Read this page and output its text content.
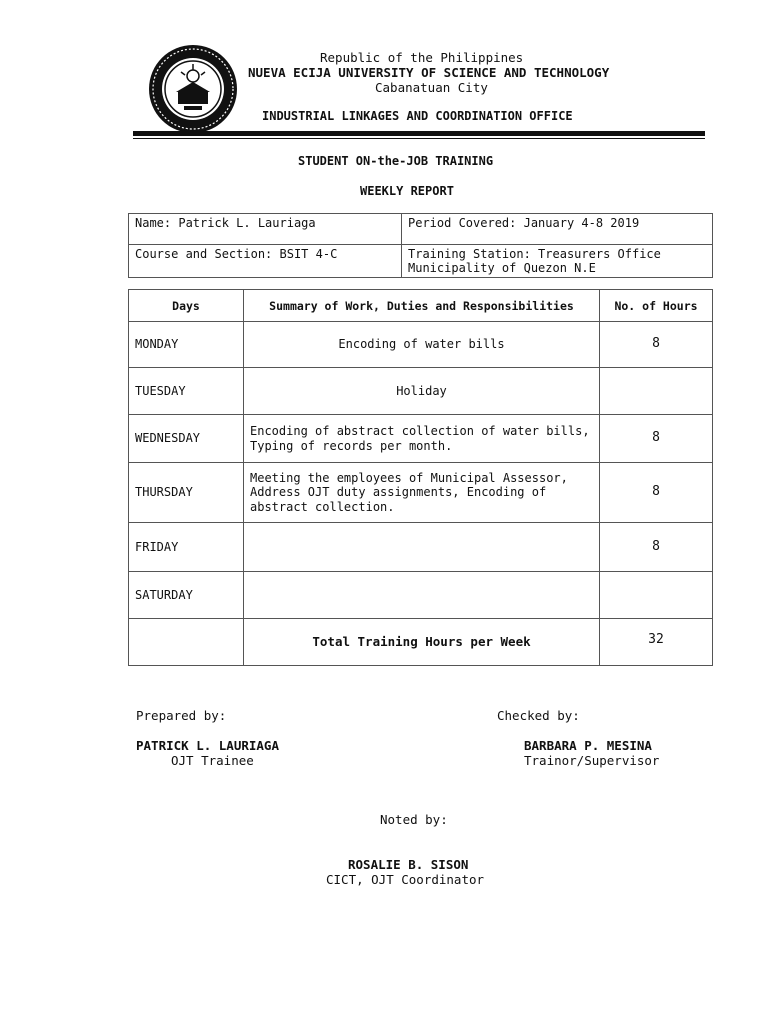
Republic of the Philippines
NUEVA ECIJA UNIVERSITY OF SCIENCE AND TECHNOLOGY
Cabanatuan City
INDUSTRIAL LINKAGES AND COORDINATION OFFICE
STUDENT ON-the-JOB TRAINING
WEEKLY REPORT
Name: Patrick L. Lauriaga	Period Covered: January 4-8 2019
Course and Section: BSIT 4-C	Training Station: Treasurers Office
Municipality of Quezon N.E
Days	Summary of Work, Duties and Responsibilities	No. of Hours
MONDAY	Encoding of water bills	8
TUESDAY	Holiday	
WEDNESDAY	Encoding of abstract collection of water bills, Typing of records per month.	8
THURSDAY	Meeting the employees of Municipal Assessor, Address OJT duty assignments, Encoding of abstract collection.	8
FRIDAY		8
SATURDAY		
	Total Training Hours per Week	32
Prepared by:
PATRICK L. LAURIAGA
OJT Trainee
Checked by:
BARBARA P. MESINA
Trainor/Supervisor
Noted by:
ROSALIE B. SISON
CICT, OJT Coordinator
